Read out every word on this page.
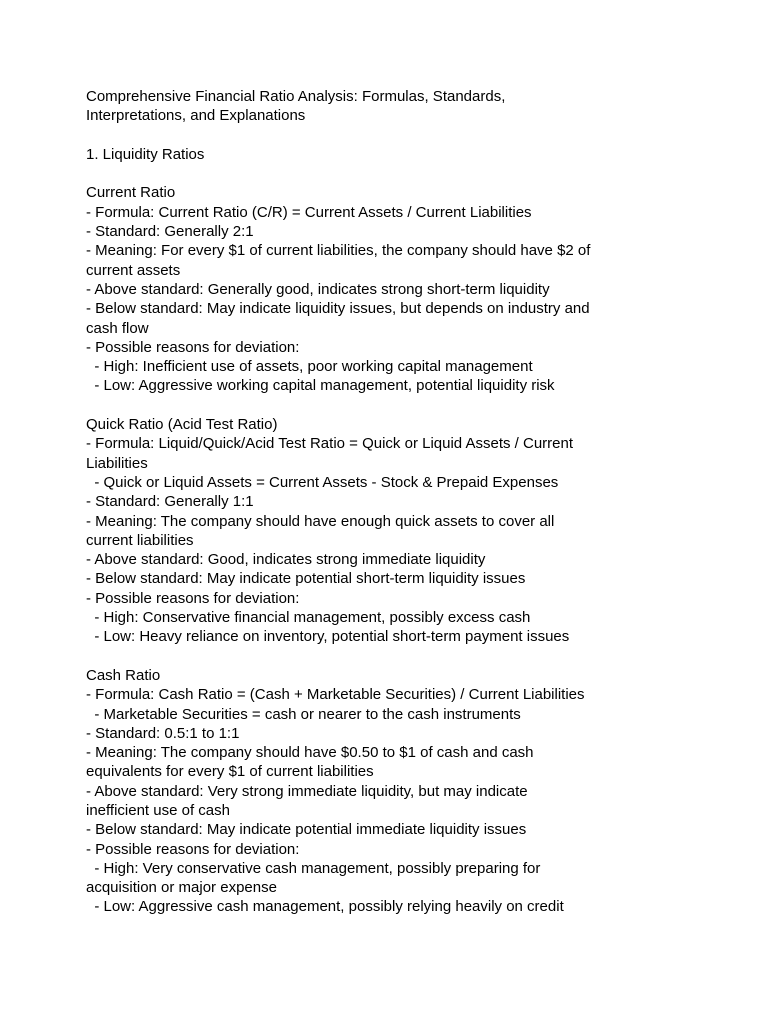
Comprehensive Financial Ratio Analysis: Formulas, Standards,

Interpretations, and Explanations

1. Liquidity Ratios

Current Ratio

- Formula: Current Ratio (C/R) = Current Assets / Current Liabilities

- Standard: Generally 2:1

- Meaning: For every $1 of current liabilities, the company should have $2 of

current assets

- Above standard: Generally good, indicates strong short-term liquidity

- Below standard: May indicate liquidity issues, but depends on industry and

cash flow

- Possible reasons for deviation:

- High: Inefficient use of assets, poor working capital management

- Low: Aggressive working capital management, potential liquidity risk

Quick Ratio (Acid Test Ratio)

- Formula: Liquid/Quick/Acid Test Ratio = Quick or Liquid Assets / Current

Liabilities

- Quick or Liquid Assets = Current Assets - Stock & Prepaid Expenses

- Standard: Generally 1:1

- Meaning: The company should have enough quick assets to cover all

current liabilities

- Above standard: Good, indicates strong immediate liquidity

- Below standard: May indicate potential short-term liquidity issues

- Possible reasons for deviation:

- High: Conservative financial management, possibly excess cash

- Low: Heavy reliance on inventory, potential short-term payment issues

Cash Ratio

- Formula: Cash Ratio = (Cash + Marketable Securities) / Current Liabilities

- Marketable Securities = cash or nearer to the cash instruments

- Standard: 0.5:1 to 1:1

- Meaning: The company should have $0.50 to $1 of cash and cash

equivalents for every $1 of current liabilities

- Above standard: Very strong immediate liquidity, but may indicate

inefficient use of cash

- Below standard: May indicate potential immediate liquidity issues

- Possible reasons for deviation:

- High: Very conservative cash management, possibly preparing for

acquisition or major expense

- Low: Aggressive cash management, possibly relying heavily on credit
